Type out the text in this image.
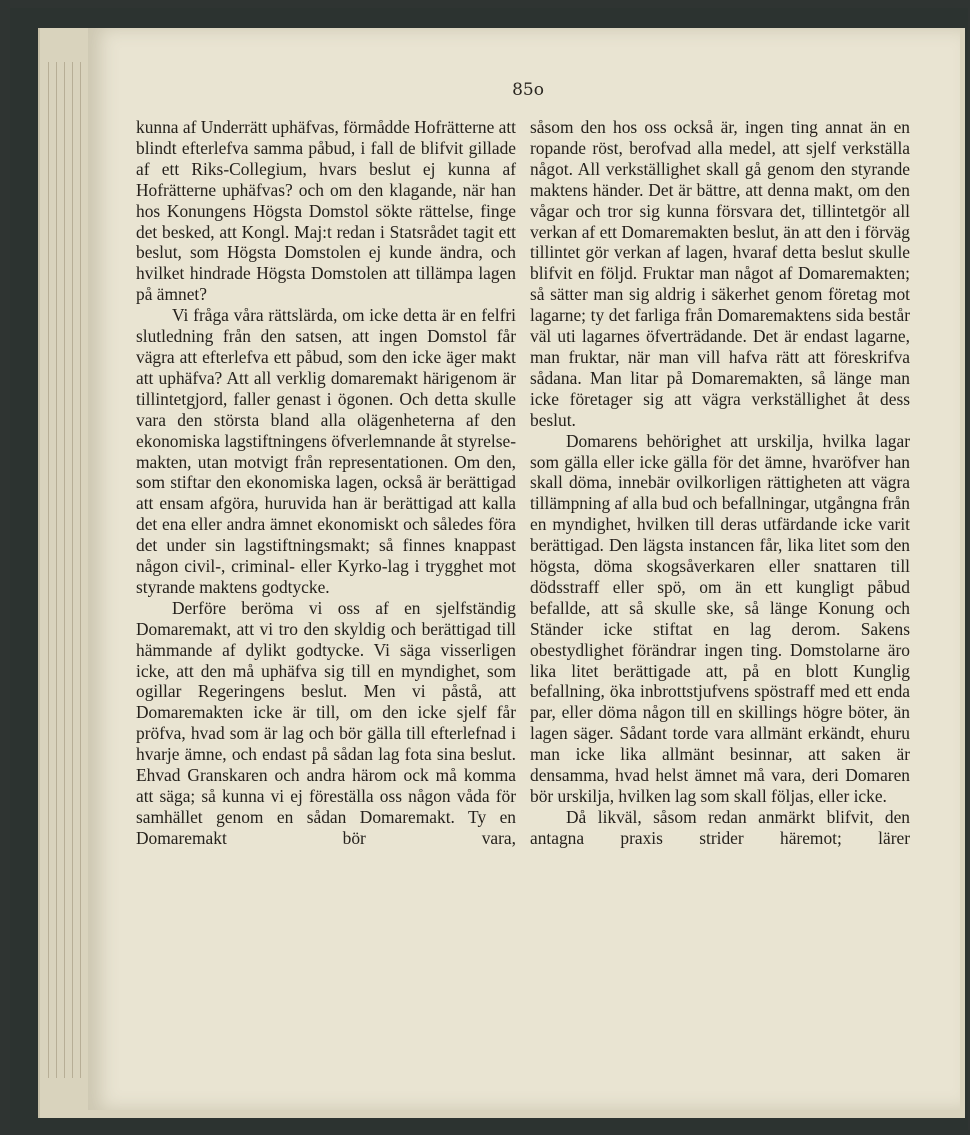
85o

kunna af Underrätt uphäfvas, förmådde Hofrätterne att blindt efterlefva samma påbud, i fall de blifvit gillade af ett Riks-Collegium, hvars beslut ej kunna af Hofrätterne uphäfvas? och om den klagande, när han hos Konungens Högsta Domstol sökte rättelse, finge det besked, att Kongl. Maj:t redan i Statsrådet tagit ett beslut, som Högsta Domstolen ej kunde ändra, och hvilket hindrade Högsta Domstolen att tillämpa lagen på ämnet?

Vi fråga våra rättslärda, om icke detta är en felfri slutledning från den satsen, att ingen Domstol får vägra att efterlefva ett påbud, som den icke äger makt att uphäfva? Att all verklig domaremakt härigenom är tillintetgjord, faller genast i ögonen. Och detta skulle vara den största bland alla olägenheterna af den ekonomiska lagstiftningens öfverlemnande åt styrelse-makten, utan motvigt från representationen. Om den, som stiftar den ekonomiska lagen, också är berättigad att ensam afgöra, huruvida han är berättigad att kalla det ena eller andra ämnet ekonomiskt och således föra det under sin lagstiftningsmakt; så finnes knappast någon civil-, criminal- eller Kyrko-lag i trygghet mot styrande maktens godtycke.

Derföre beröma vi oss af en sjelfständig Domaremakt, att vi tro den skyldig och berättigad till hämmande af dylikt godtycke. Vi säga visserligen icke, att den må uphäfva sig till en myndighet, som ogillar Regeringens beslut. Men vi påstå, att Domaremakten icke är till, om den icke sjelf får pröfva, hvad som är lag och bör gälla till efterlefnad i hvarje ämne, och endast på sådan lag fota sina beslut. Ehvad Granskaren och andra härom ock må komma att säga; så kunna vi ej föreställa oss någon våda för samhället genom en sådan Domaremakt. Ty en Domaremakt bör vara,

såsom den hos oss också är, ingen ting annat än en ropande röst, berofvad alla medel, att sjelf verkställa något. All verkställighet skall gå genom den styrande maktens händer. Det är bättre, att denna makt, om den vågar och tror sig kunna försvara det, tillintetgör all verkan af ett Domaremakten beslut, än att den i förväg tillintet gör verkan af lagen, hvaraf detta beslut skulle blifvit en följd. Fruktar man något af Domaremakten; så sätter man sig aldrig i säkerhet genom företag mot lagarne; ty det farliga från Domaremaktens sida består väl uti lagarnes öfverträdande. Det är endast lagarne, man fruktar, när man vill hafva rätt att föreskrifva sådana. Man litar på Domaremakten, så länge man icke företager sig att vägra verkställighet åt dess beslut.

Domarens behörighet att urskilja, hvilka lagar som gälla eller icke gälla för det ämne, hvaröfver han skall döma, innebär ovilkorligen rättigheten att vägra tillämpning af alla bud och befallningar, utgångna från en myndighet, hvilken till deras utfärdande icke varit berättigad. Den lägsta instancen får, lika litet som den högsta, döma skogsåverkaren eller snattaren till dödsstraff eller spö, om än ett kungligt påbud befallde, att så skulle ske, så länge Konung och Ständer icke stiftat en lag derom. Sakens obestydlighet förändrar ingen ting. Domstolarne äro lika litet berättigade att, på en blott Kunglig befallning, öka inbrottstjufvens spöstraff med ett enda par, eller döma någon till en skillings högre böter, än lagen säger. Sådant torde vara allmänt erkändt, ehuru man icke lika allmänt besinnar, att saken är densamma, hvad helst ämnet må vara, deri Domaren bör urskilja, hvilken lag som skall följas, eller icke.

Då likväl, såsom redan anmärkt blifvit, den antagna praxis strider häremot; lärer
